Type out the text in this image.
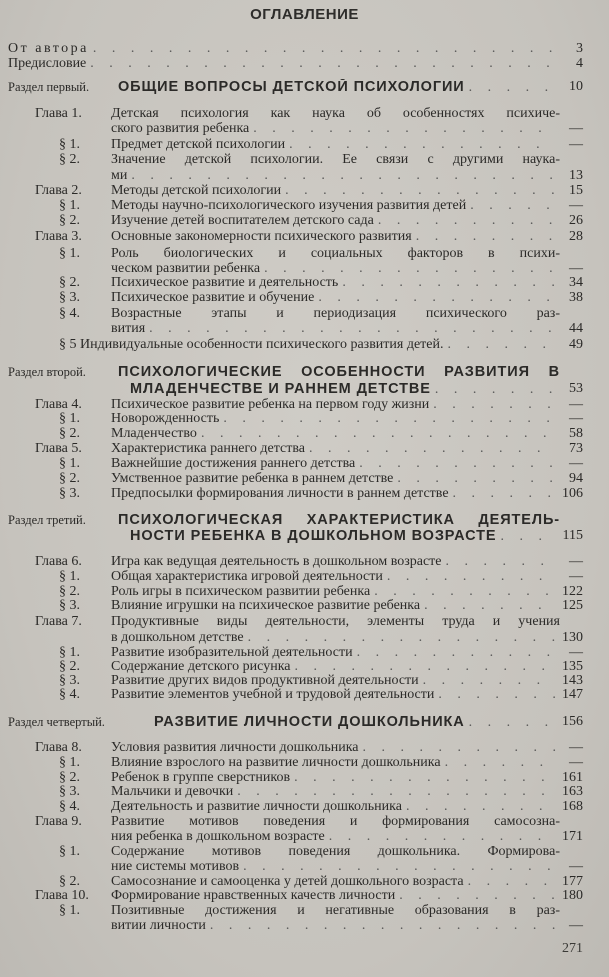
ОГЛАВЛЕНИЕ
От автора . . .	3
Предисловие . . .	4
Раздел первый. ОБЩИЕ ВОПРОСЫ ДЕТСКОЙ ПСИХОЛОГИИ . . .	10
Глава 1. Детская психология как наука об особенностях психиче-
ского развития ребенка . . .	—
§ 1. Предмет детской психологии . . .	—
§ 2. Значение детской психологии. Ее связи с другими наука-
ми . . .	13
Глава 2. Методы детской психологии . . .	15
§ 1. Методы научно-психологического изучения развития детей . . .	—
§ 2. Изучение детей воспитателем детского сада . . .	26
Глава 3. Основные закономерности психического развития . . .	28
§ 1. Роль биологических и социальных факторов в психи-
ческом развитии ребенка . . .	—
§ 2. Психическое развитие и деятельность . . .	34
§ 3. Психическое развитие и обучение . . .	38
§ 4. Возрастные этапы и периодизация психического раз-
вития . . .	44
§ 5 Индивидуальные особенности психического развития детей. . . .	49
Раздел второй. ПСИХОЛОГИЧЕСКИЕ ОСОБЕННОСТИ РАЗВИТИЯ В
МЛАДЕНЧЕСТВЕ И РАННЕМ ДЕТСТВЕ . . .	53
Глава 4. Психическое развитие ребенка на первом году жизни . . .	—
§ 1. Новорожденность . . .	—
§ 2. Младенчество . . .	58
Глава 5. Характеристика раннего детства . . .	73
§ 1. Важнейшие достижения раннего детства . . .	—
§ 2. Умственное развитие ребенка в раннем детстве . . .	94
§ 3. Предпосылки формирования личности в раннем детстве . . .	106
Раздел третий. ПСИХОЛОГИЧЕСКАЯ ХАРАКТЕРИСТИКА ДЕЯТЕЛЬ-
НОСТИ РЕБЕНКА В ДОШКОЛЬНОМ ВОЗРАСТЕ . . .	115
Глава 6. Игра как ведущая деятельность в дошкольном возрасте . . .	—
§ 1. Общая характеристика игровой деятельности . . .	—
§ 2. Роль игры в психическом развитии ребенка . . .	122
§ 3. Влияние игрушки на психическое развитие ребенка . . .	125
Глава 7. Продуктивные виды деятельности, элементы труда и учения
в дошкольном детстве . . .	130
§ 1. Развитие изобразительной деятельности . . .	—
§ 2. Содержание детского рисунка . . .	135
§ 3. Развитие других видов продуктивной деятельности . . .	143
§ 4. Развитие элементов учебной и трудовой деятельности . . .	147
Раздел четвертый.	РАЗВИТИЕ ЛИЧНОСТИ ДОШКОЛЬНИКА . . .	156
Глава 8. Условия развития личности дошкольника . . .	—
§ 1. Влияние взрослого на развитие личности дошкольника . . .	—
§ 2. Ребенок в группе сверстников . . .	161
§ 3. Мальчики и девочки . . .	163
§ 4. Деятельность и развитие личности дошкольника . . .	168
Глава 9. Развитие мотивов поведения и формирования самосозна-
ния ребенка в дошкольном возрасте . . .	171
§ 1. Содержание мотивов поведения дошкольника. Формирова-
ние системы мотивов . . .	—
§ 2. Самосознание и самооценка у детей дошкольного возраста . . .	177
Глава 10. Формирование нравственных качеств личности . . .	180
§ 1. Позитивные достижения и негативные образования в раз-
витии личности . . .	—
271
